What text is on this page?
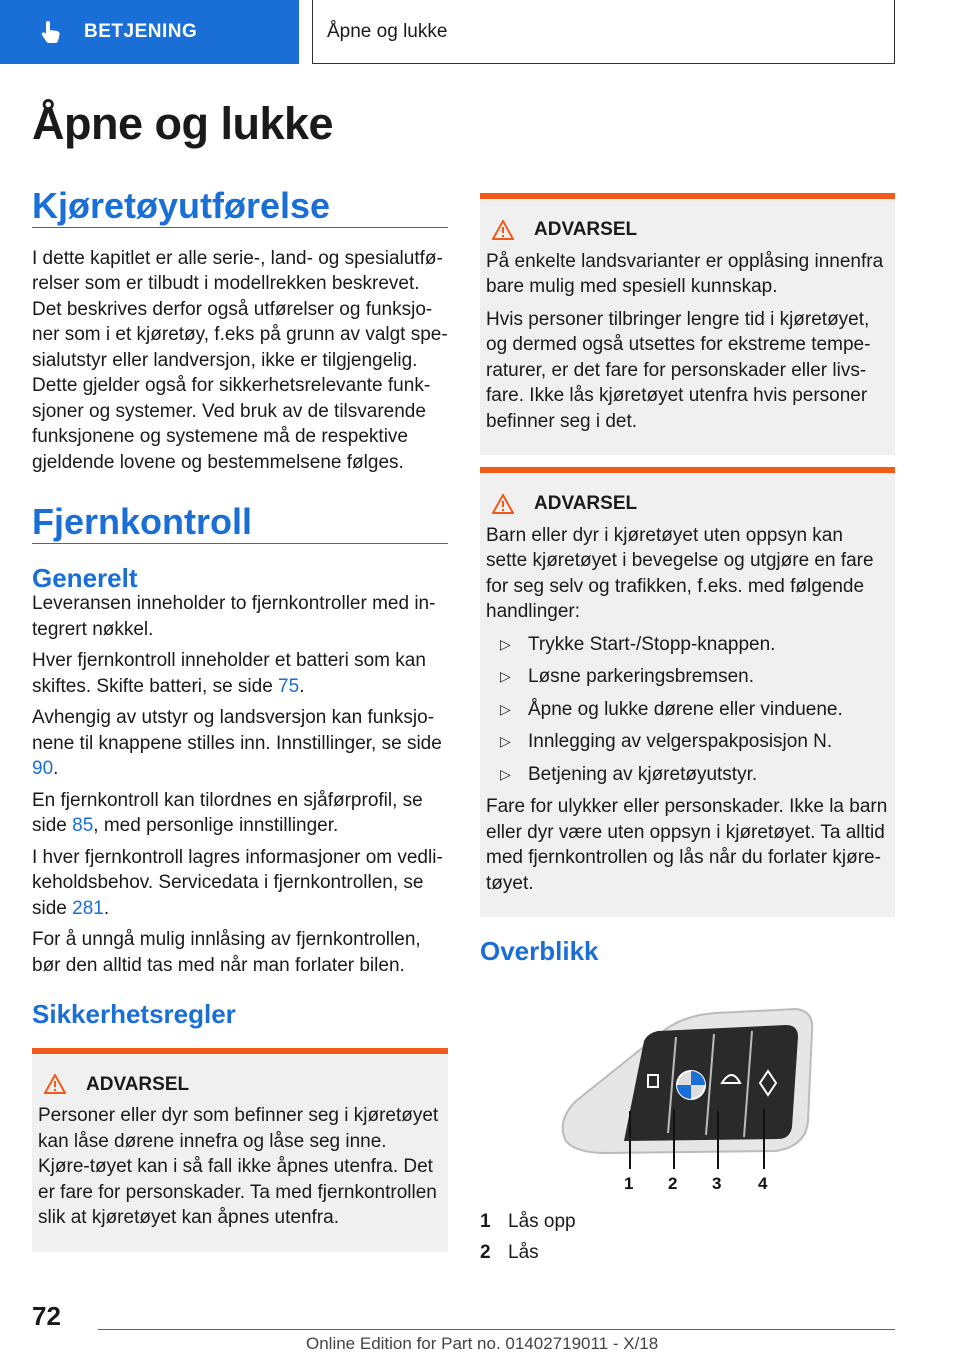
BETJENING	Åpne og lukke
Åpne og lukke
Kjøretøyutførelse

I dette kapitlet er alle serie-, land- og spesialutfø-relser som er tilbudt i modellrekken beskrevet. Det beskrives derfor også utførelser og funksjo-ner som i et kjøretøy, f.eks på grunn av valgt spe-sialutstyr eller landversjon, ikke er tilgjengelig. Dette gjelder også for sikkerhetsrelevante funk-sjoner og systemer. Ved bruk av de tilsvarende funksjonene og systemene må de respektive gjeldende lovene og bestemmelsene følges.

Fjernkontroll
Generelt

Leveransen inneholder to fjernkontroller med in-tegrert nøkkel.

Hver fjernkontroll inneholder et batteri som kan skiftes. Skifte batteri, se side 75.

Avhengig av utstyr og landsversjon kan funksjo-nene til knappene stilles inn. Innstillinger, se side 90.

En fjernkontroll kan tilordnes en sjåførprofil, se side 85, med personlige innstillinger.

I hver fjernkontroll lagres informasjoner om vedli-keholdsbehov. Servicedata i fjernkontrollen, se side 281.

For å unngå mulig innlåsing av fjernkontrollen, bør den alltid tas med når man forlater bilen.

Sikkerhetsregler
ADVARSEL

Personer eller dyr som befinner seg i kjøretøyet kan låse dørene innefra og låse seg inne. Kjøre-tøyet kan i så fall ikke åpnes utenfra. Det er fare for personskader. Ta med fjernkontrollen slik at kjøretøyet kan åpnes utenfra.

ADVARSEL

På enkelte landsvarianter er opplåsing innenfra bare mulig med spesiell kunnskap.

Hvis personer tilbringer lengre tid i kjøretøyet, og dermed også utsettes for ekstreme tempe-raturer, er det fare for personskader eller livs-fare. Ikke lås kjøretøyet utenfra hvis personer befinner seg i det.

ADVARSEL

Barn eller dyr i kjøretøyet uten oppsyn kan sette kjøretøyet i bevegelse og utgjøre en fare for seg selv og trafikken, f.eks. med følgende handlinger:

▷ Trykke Start-/Stopp-knappen.
▷ Løsne parkeringsbremsen.
▷ Åpne og lukke dørene eller vinduene.
▷ Innlegging av velgerspakposisjon N.
▷ Betjening av kjøretøyutstyr.

Fare for ulykker eller personskader. Ikke la barn eller dyr være uten oppsyn i kjøretøyet. Ta alltid med fjernkontrollen og lås når du forlater kjøre-tøyet.

Overblikk
1 2 3 4
1 Lås opp
2 Lås
72
Online Edition for Part no. 01402719011 - X/18
